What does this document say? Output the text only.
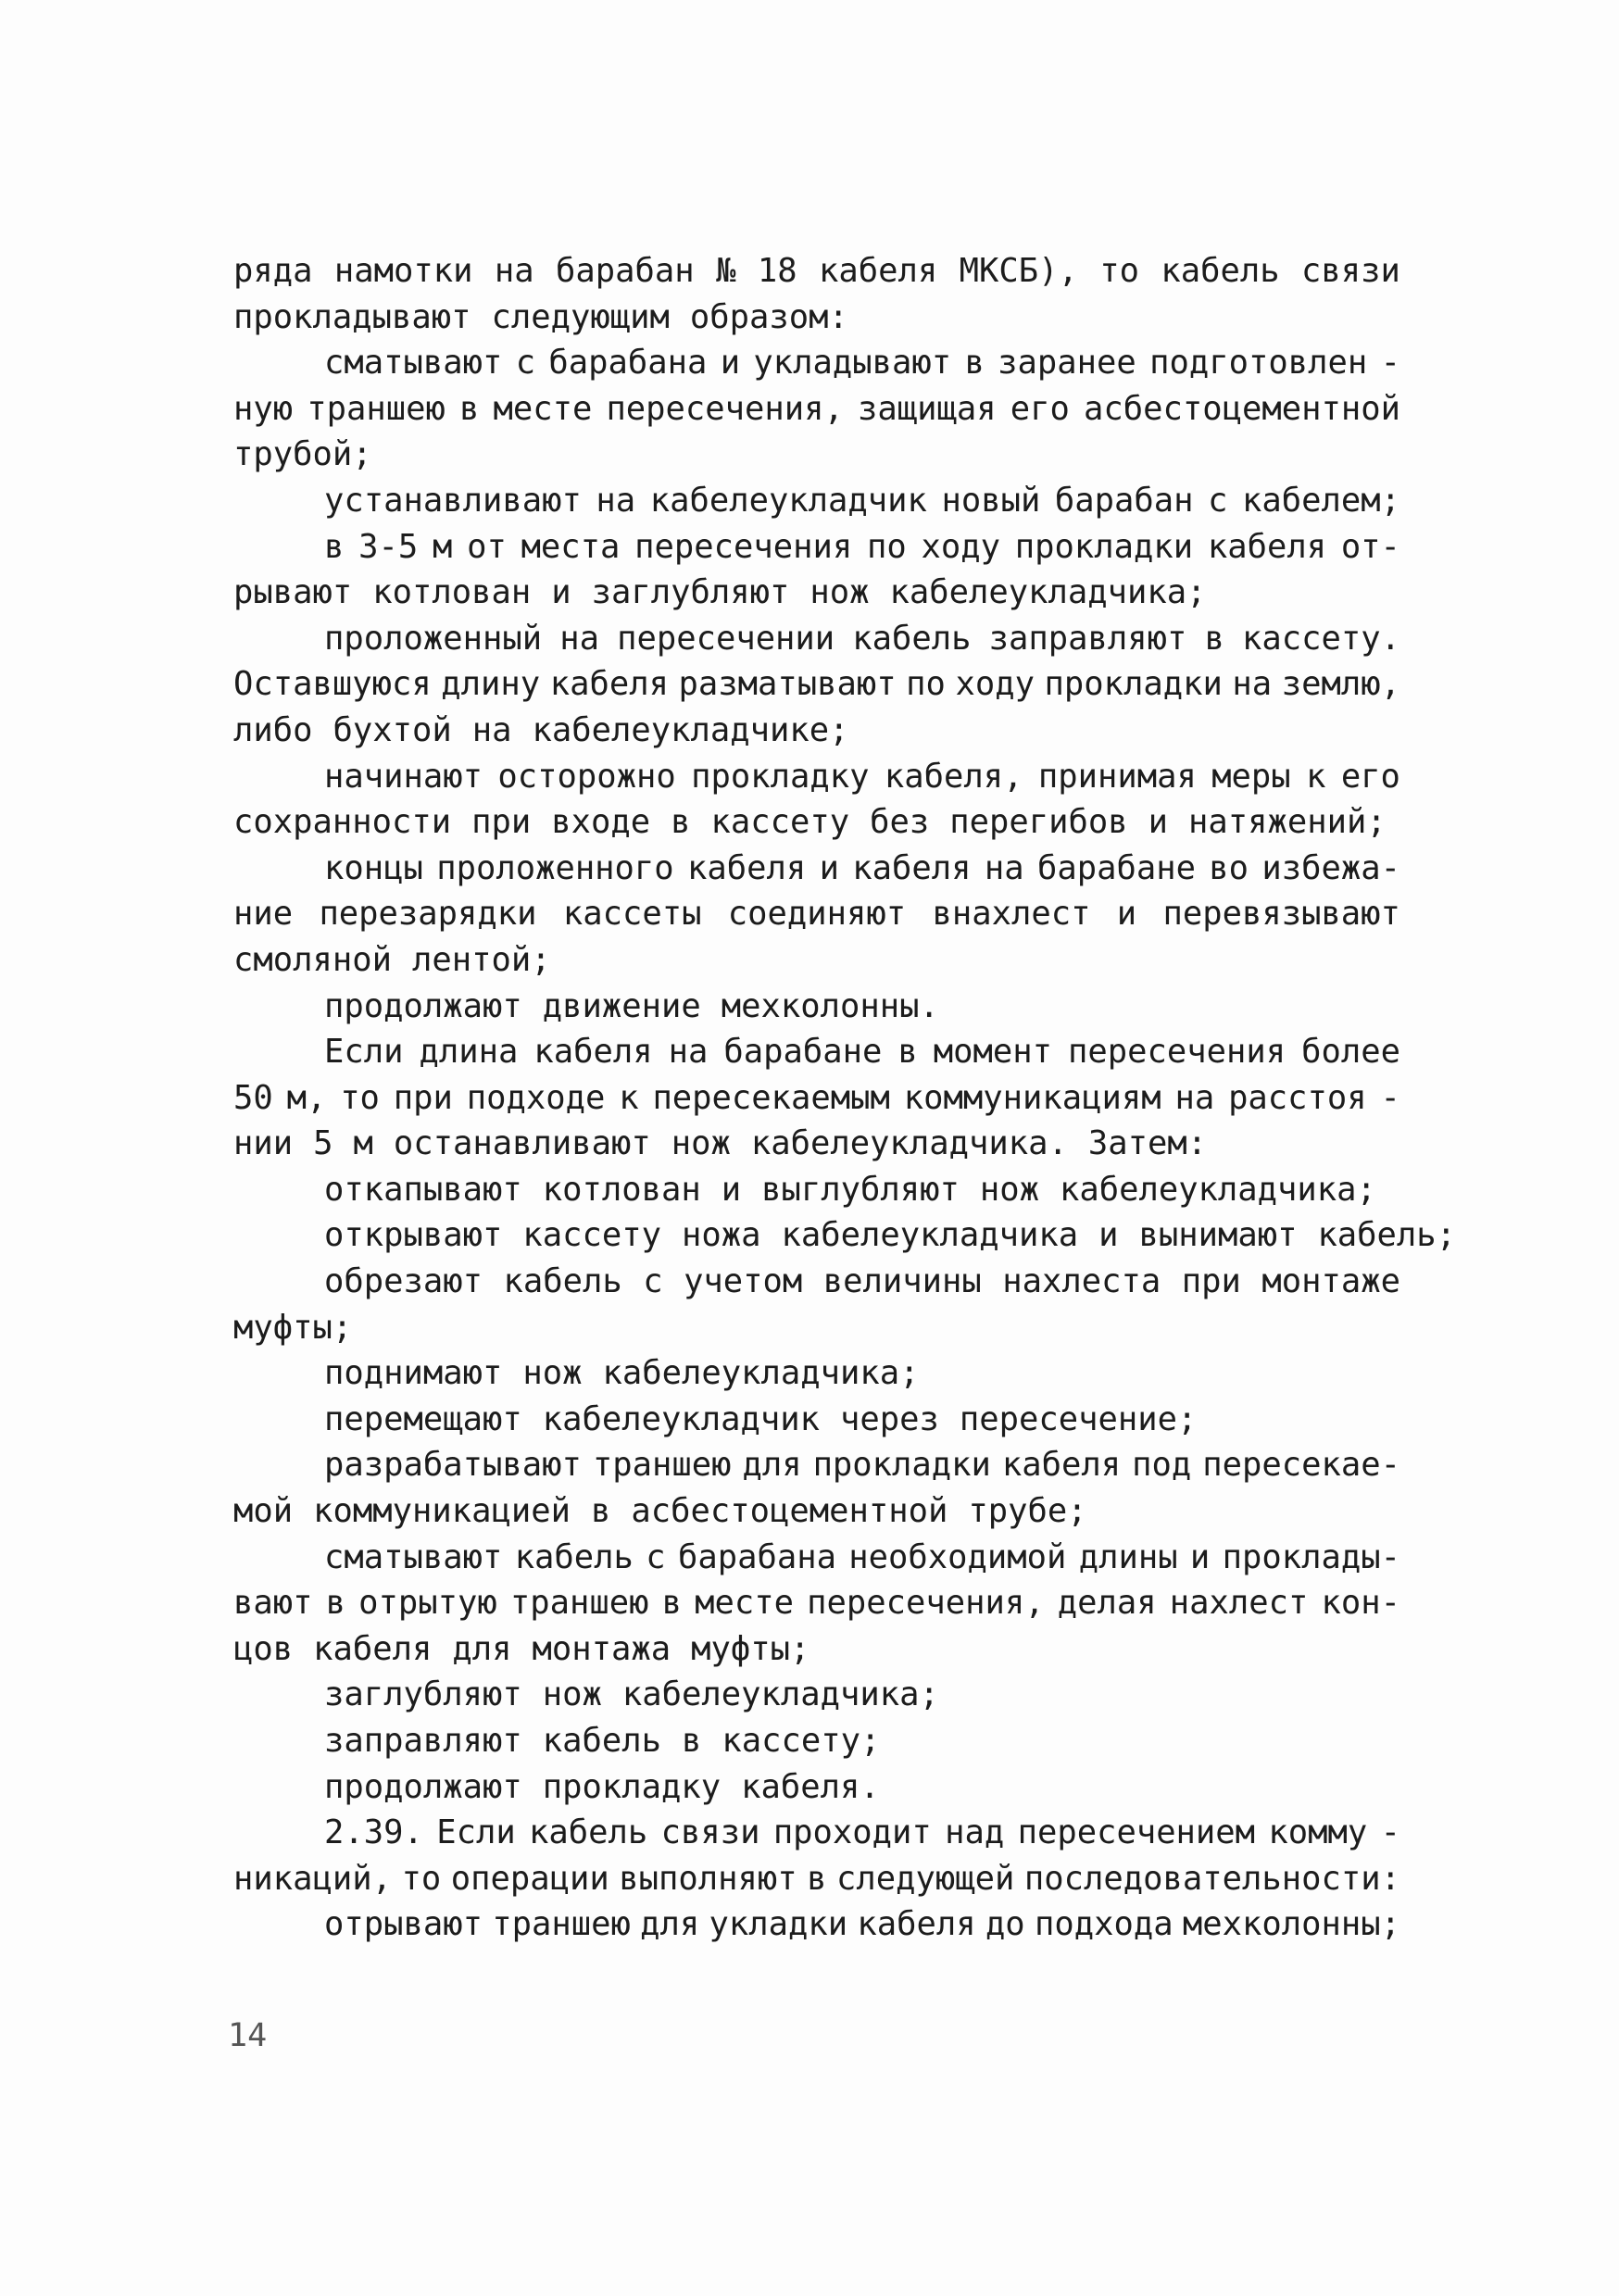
ряда намотки на барабан № 18 кабеля МКСБ), то кабель связи
прокладывают следующим образом:
сматывают с барабана и укладывают в заранее подготовлен -
ную траншею в месте пересечения, защищая его асбестоцементной
трубой;
устанавливают на кабелеукладчик новый барабан с кабелем;
в 3-5 м от места пересечения по ходу прокладки кабеля от-
рывают котлован и заглубляют нож кабелеукладчика;
проложенный на пересечении кабель заправляют в кассету.
Оставшуюся длину кабеля разматывают по ходу прокладки на землю,
либо бухтой на кабелеукладчике;
начинают осторожно прокладку кабеля, принимая меры к его
сохранности при входе в кассету без перегибов и натяжений;
концы проложенного кабеля и кабеля на барабане во избежа-
ние перезарядки кассеты соединяют внахлест и перевязывают
смоляной лентой;
продолжают движение мехколонны.
Если длина кабеля на барабане в момент пересечения более
50 м, то при подходе к пересекаемым коммуникациям на расстоя -
нии 5 м останавливают нож кабелеукладчика. Затем:
откапывают котлован и выглубляют нож кабелеукладчика;
открывают кассету ножа кабелеукладчика и вынимают кабель;
обрезают кабель с учетом величины нахлеста при монтаже
муфты;
поднимают нож кабелеукладчика;
перемещают кабелеукладчик через пересечение;
разрабатывают траншею для прокладки кабеля под пересекае-
мой коммуникацией в асбестоцементной трубе;
сматывают кабель с барабана необходимой длины и проклады-
вают в отрытую траншею в месте пересечения, делая нахлест кон-
цов кабеля для монтажа муфты;
заглубляют нож кабелеукладчика;
заправляют кабель в кассету;
продолжают прокладку кабеля.
2.39. Если кабель связи проходит над пересечением комму -
никаций, то операции выполняют в следующей последовательности:
отрывают траншею для укладки кабеля до подхода мехколонны;
14
